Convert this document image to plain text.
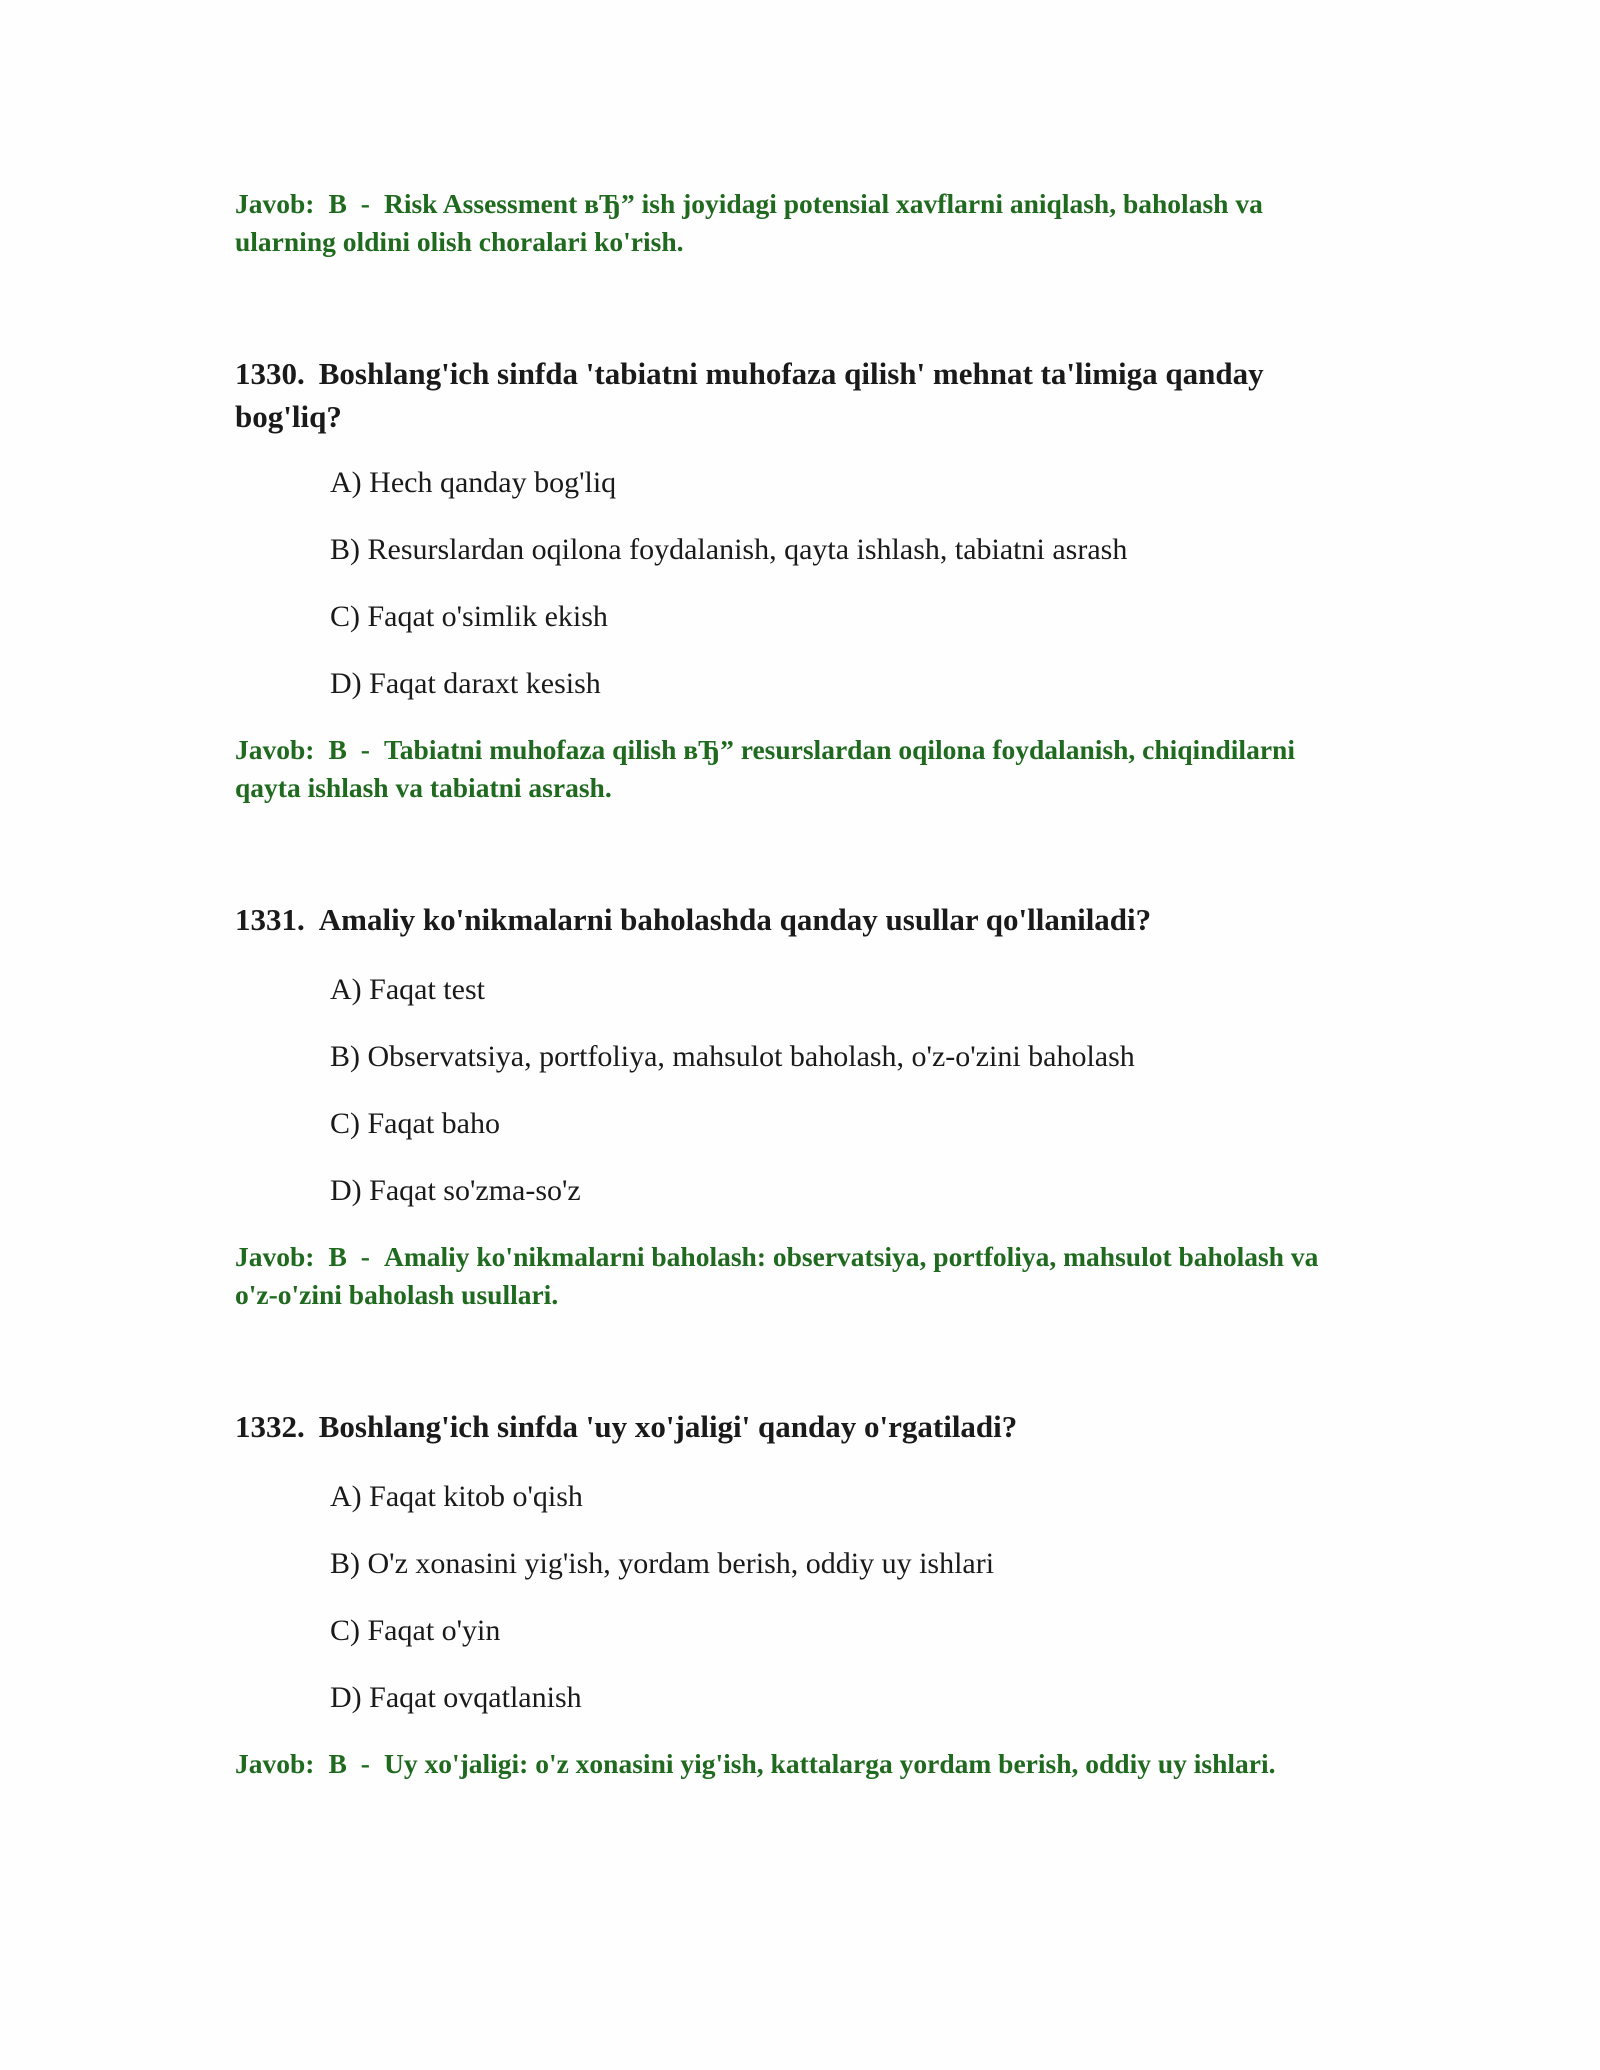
Javob: B - Risk Assessment вЂ” ish joyidagi potensial xavflarni aniqlash, baholash va ularning oldini olish choralari ko'rish.
1330. Boshlang'ich sinfda 'tabiatni muhofaza qilish' mehnat ta'limiga qanday bog'liq?
A) Hech qanday bog'liq
B) Resurslardan oqilona foydalanish, qayta ishlash, tabiatni asrash
C) Faqat o'simlik ekish
D) Faqat daraxt kesish
Javob: B - Tabiatni muhofaza qilish вЂ” resurslardan oqilona foydalanish, chiqindilarni qayta ishlash va tabiatni asrash.
1331. Amaliy ko'nikmalarni baholashda qanday usullar qo'llaniladi?
A) Faqat test
B) Observatsiya, portfoliya, mahsulot baholash, o'z-o'zini baholash
C) Faqat baho
D) Faqat so'zma-so'z
Javob: B - Amaliy ko'nikmalarni baholash: observatsiya, portfoliya, mahsulot baholash va o'z-o'zini baholash usullari.
1332. Boshlang'ich sinfda 'uy xo'jaligi' qanday o'rgatiladi?
A) Faqat kitob o'qish
B) O'z xonasini yig'ish, yordam berish, oddiy uy ishlari
C) Faqat o'yin
D) Faqat ovqatlanish
Javob: B - Uy xo'jaligi: o'z xonasini yig'ish, kattalarga yordam berish, oddiy uy ishlari.
